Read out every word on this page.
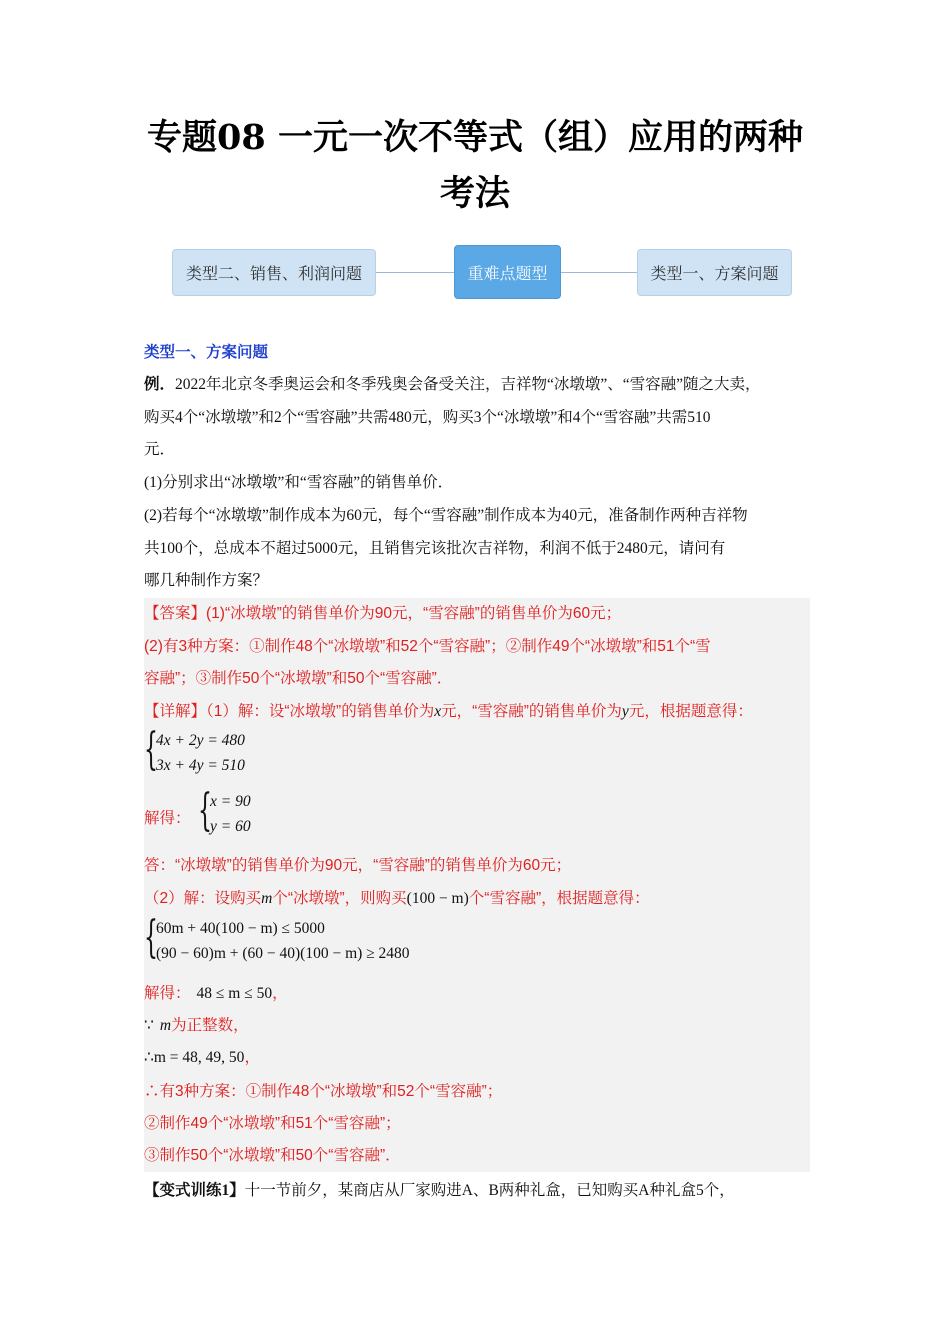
专题08 一元一次不等式（组）应用的两种
考法
类型二、销售、利润问题	重难点题型	类型一、方案问题
类型一、方案问题
例．2022年北京冬季奥运会和冬季残奥会备受关注，吉祥物“冰墩墩”、“雪容融”随之大卖，
购买4个“冰墩墩”和2个“雪容融”共需480元，购买3个“冰墩墩”和4个“雪容融”共需510
元．
(1)分别求出“冰墩墩”和“雪容融”的销售单价．
(2)若每个“冰墩墩”制作成本为60元，每个“雪容融”制作成本为40元，准备制作两种吉祥物
共100个，总成本不超过5000元，且销售完该批次吉祥物，利润不低于2480元，请问有
哪几种制作方案？
【答案】(1)“冰墩墩”的销售单价为90元，“雪容融”的销售单价为60元；
(2)有3种方案：①制作48个“冰墩墩”和52个“雪容融”；②制作49个“冰墩墩”和51个“雪
容融”；③制作50个“冰墩墩”和50个“雪容融”．
【详解】（1）解：设“冰墩墩”的销售单价为x元，“雪容融”的销售单价为y元，根据题意得：
{
4x + 2y = 480
3x + 4y = 510
解得： {
x = 90
y = 60
答：“冰墩墩”的销售单价为90元，“雪容融”的销售单价为60元；
（2）解：设购买m个“冰墩墩”，则购买(100 − m)个“雪容融”，根据题意得：
{
60m + 40(100 − m) ≤ 5000
(90 − 60)m + (60 − 40)(100 − m) ≥ 2480
解得： 48 ≤ m ≤ 50，
∵ m为正整数，
∴m = 48, 49, 50，
∴有3种方案：①制作48个“冰墩墩”和52个“雪容融”；
②制作49个“冰墩墩”和51个“雪容融”；
③制作50个“冰墩墩”和50个“雪容融”．
【变式训练1】十一节前夕，某商店从厂家购进A、B两种礼盒，已知购买A种礼盒5个，
